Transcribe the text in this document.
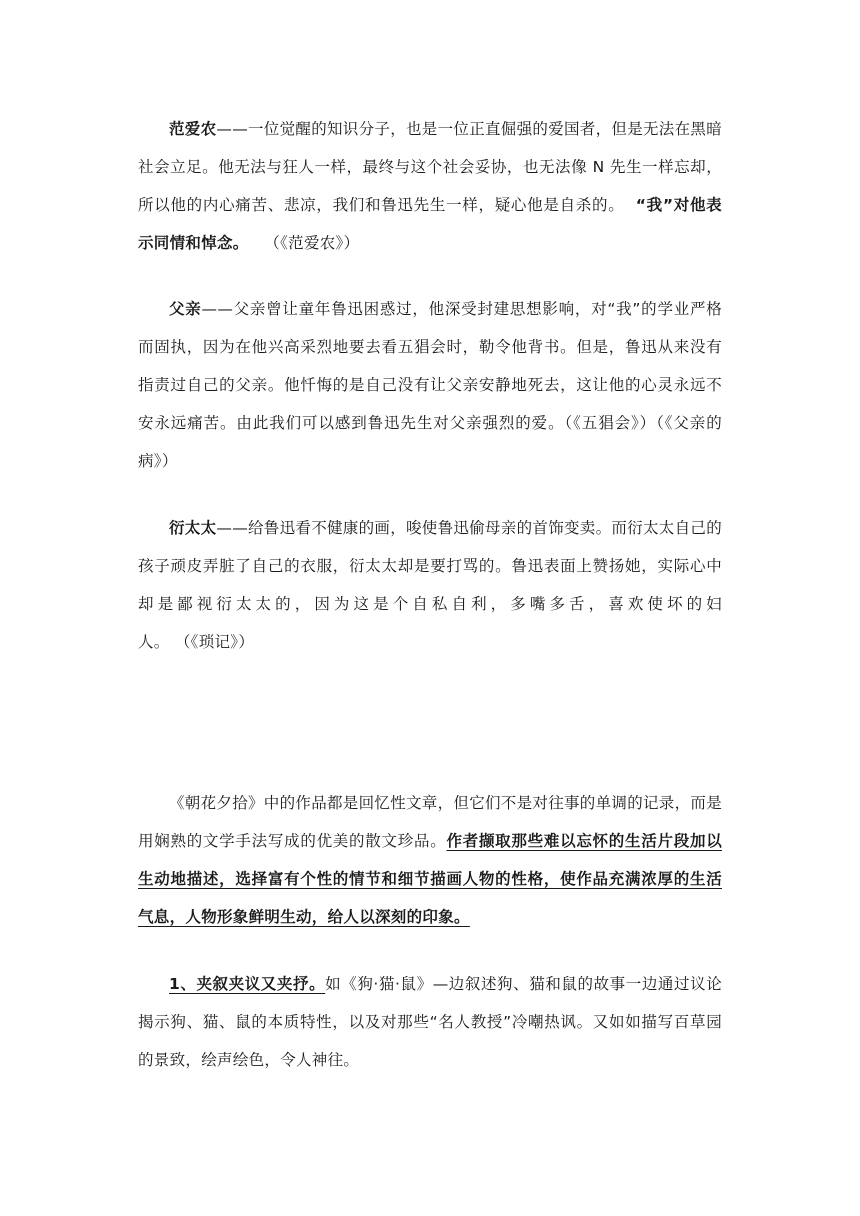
范爱农——一位觉醒的知识分子，也是一位正直倔强的爱国者，但是无法在黑暗社会立足。他无法与狂人一样，最终与这个社会妥协，也无法像 N 先生一样忘却，所以他的内心痛苦、悲凉，我们和鲁迅先生一样，疑心他是自杀的。 “我”对他表示同情和悼念。 （《范爱农》）

父亲——父亲曾让童年鲁迅困惑过，他深受封建思想影响，对“我”的学业严格而固执，因为在他兴高采烈地要去看五猖会时，勒令他背书。但是，鲁迅从来没有指责过自己的父亲。他忏悔的是自己没有让父亲安静地死去，这让他的心灵永远不安永远痛苦。由此我们可以感到鲁迅先生对父亲强烈的爱。（《五猖会》）（《父亲的病》）

衍太太——给鲁迅看不健康的画，唆使鲁迅偷母亲的首饰变卖。而衍太太自己的孩子顽皮弄脏了自己的衣服，衍太太却是要打骂的。鲁迅表面上赞扬她，实际心中却是鄙视衍太太的，因为这是个自私自利，多嘴多舌，喜欢使坏的妇人。 （《琐记》）

《朝花夕拾》中的作品都是回忆性文章，但它们不是对往事的单调的记录，而是用娴熟的文学手法写成的优美的散文珍品。作者撷取那些难以忘怀的生活片段加以生动地描述，选择富有个性的情节和细节描画人物的性格，使作品充满浓厚的生活气息，人物形象鲜明生动，给人以深刻的印象。

1、夹叙夹议又夹抒。如《狗·猫·鼠》—边叙述狗、猫和鼠的故事一边通过议论揭示狗、猫、鼠的本质特性，以及对那些“名人教授”冷嘲热讽。又如如描写百草园的景致，绘声绘色，令人神往。
